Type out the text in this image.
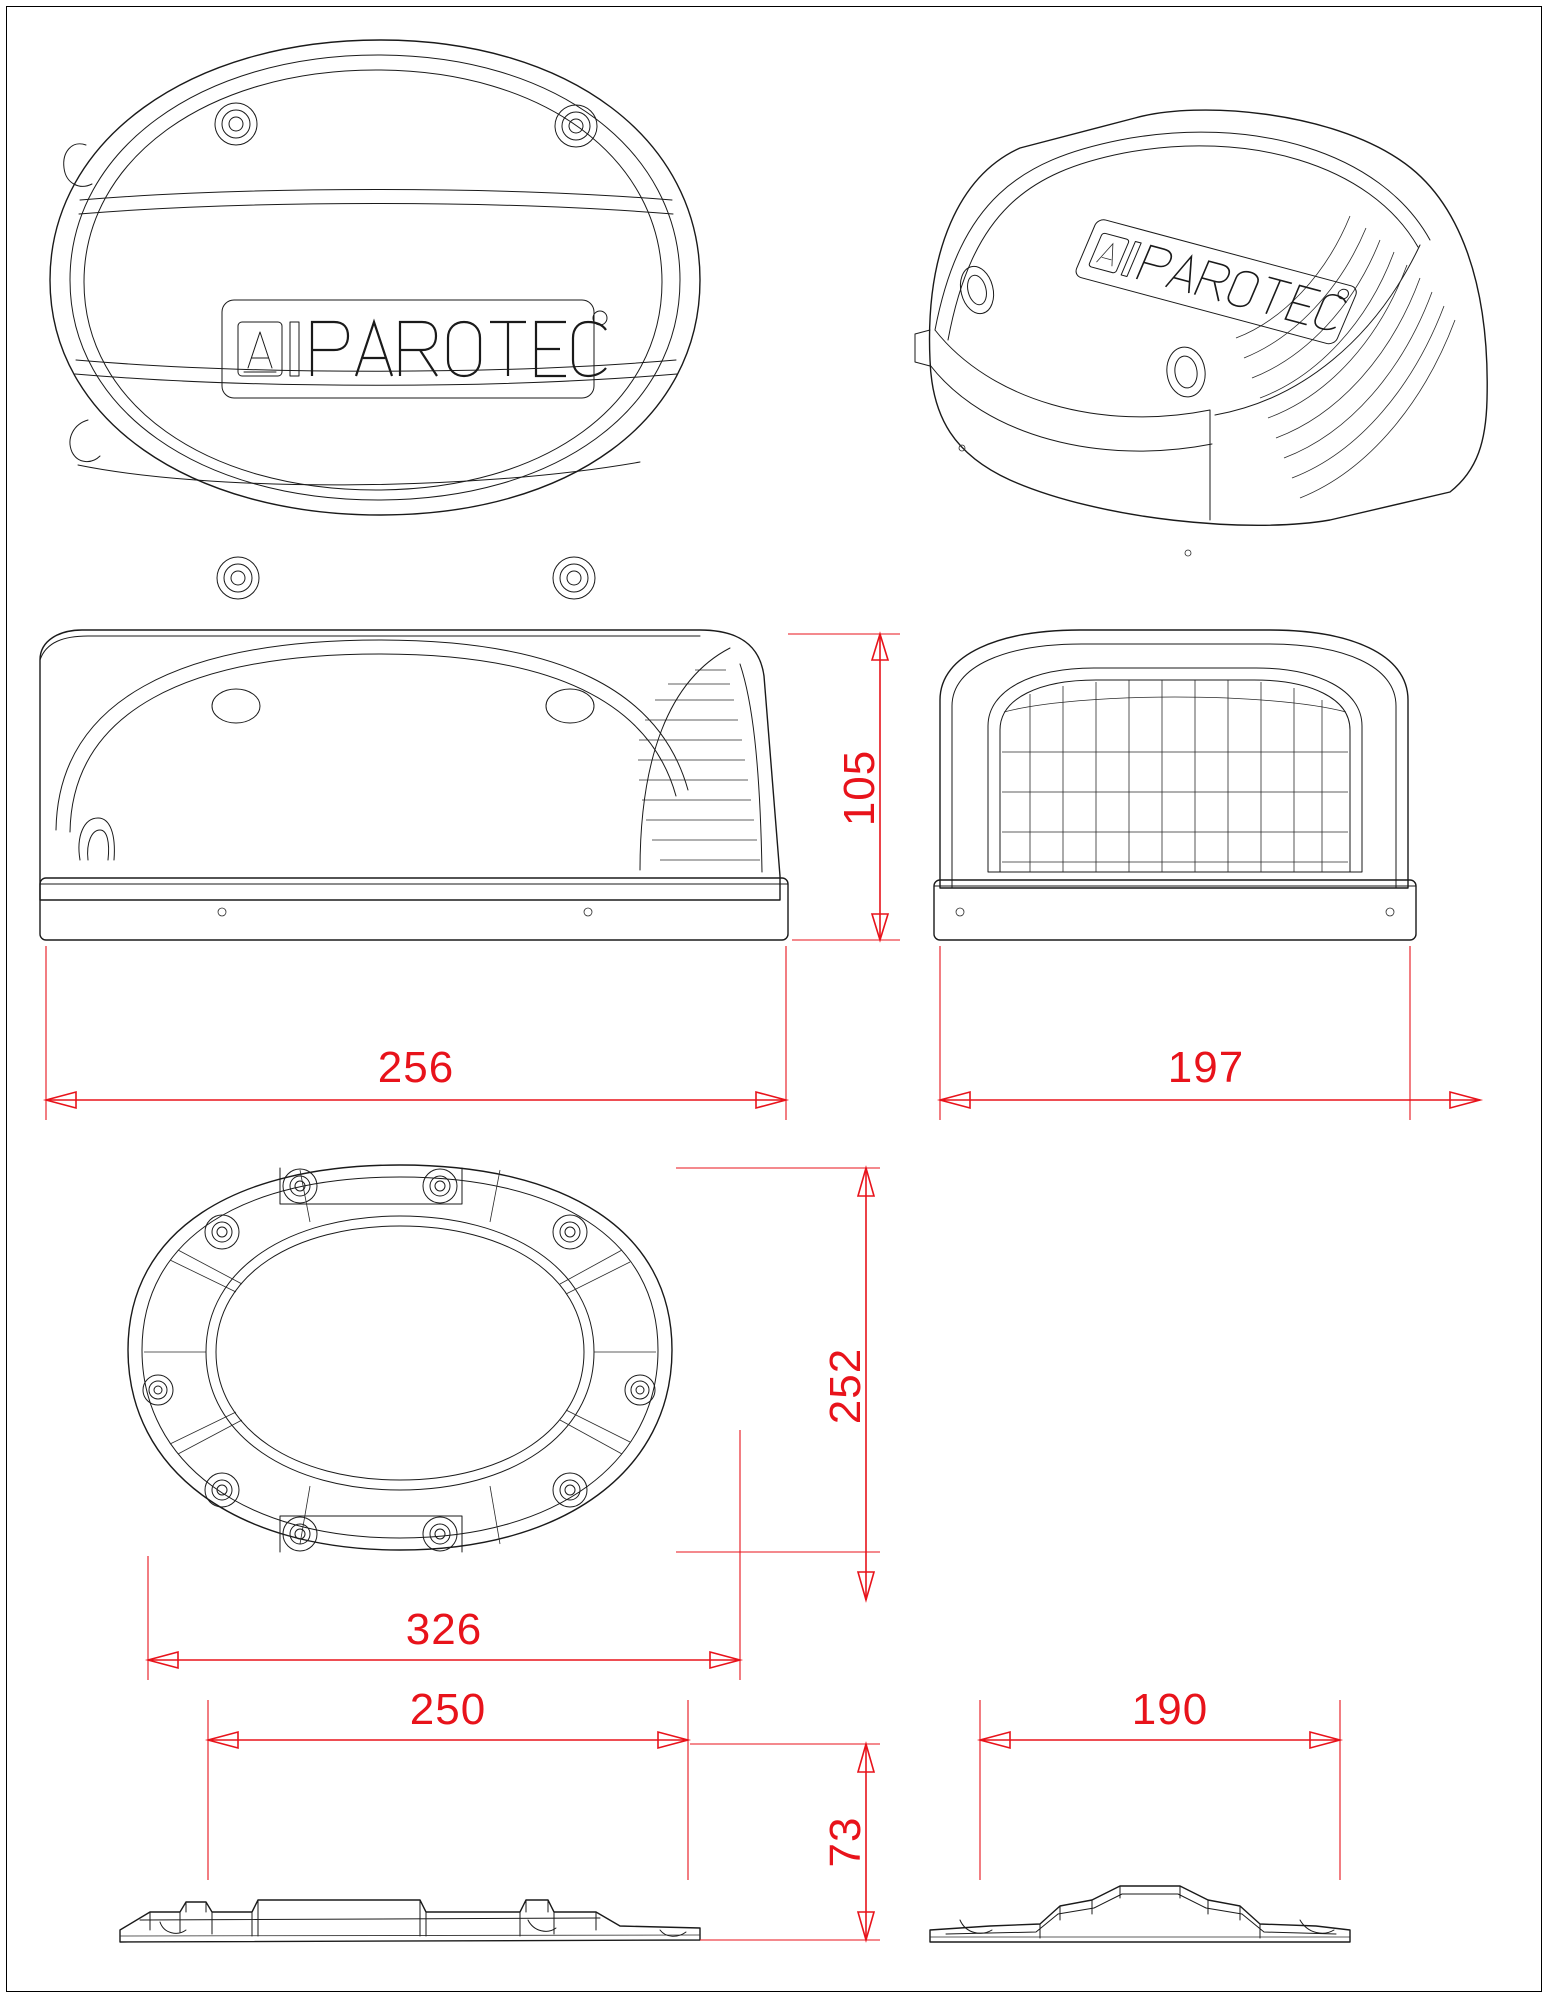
105
256	197
252
326
250
73
190
